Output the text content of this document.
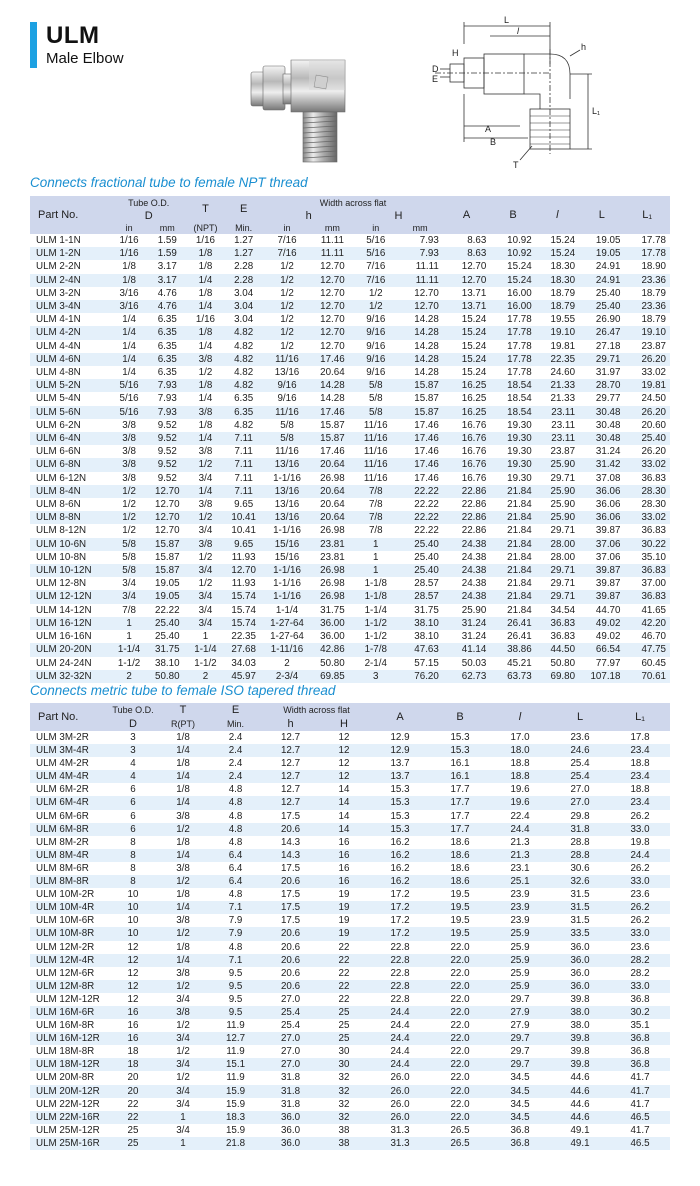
ULM
Male Elbow
L
l
H
h
D
E
A
B
T
L₁
Connects fractional tube to female NPT thread
Part No.	Tube O.D.		T	E	Width across flat				A	B	l	L	L₁
	D				h		H						
	in	mm	(NPT)	Min.	in	mm	in	mm					
ULM 1-1N	1/16	1.59	1/16	1.27	7/16	11.11	5/16	7.93	8.63	10.92	15.24	19.05	17.78
ULM 1-2N	1/16	1.59	1/8	1.27	7/16	11.11	5/16	7.93	8.63	10.92	15.24	19.05	17.78
ULM 2-2N	1/8	3.17	1/8	2.28	1/2	12.70	7/16	11.11	12.70	15.24	18.30	24.91	18.90
ULM 2-4N	1/8	3.17	1/4	2.28	1/2	12.70	7/16	11.11	12.70	15.24	18.30	24.91	23.36
ULM 3-2N	3/16	4.76	1/8	3.04	1/2	12.70	1/2	12.70	13.71	16.00	18.79	25.40	18.79
ULM 3-4N	3/16	4.76	1/4	3.04	1/2	12.70	1/2	12.70	13.71	16.00	18.79	25.40	23.36
ULM 4-1N	1/4	6.35	1/16	3.04	1/2	12.70	9/16	14.28	15.24	17.78	19.55	26.90	18.79
ULM 4-2N	1/4	6.35	1/8	4.82	1/2	12.70	9/16	14.28	15.24	17.78	19.10	26.47	19.10
ULM 4-4N	1/4	6.35	1/4	4.82	1/2	12.70	9/16	14.28	15.24	17.78	19.81	27.18	23.87
ULM 4-6N	1/4	6.35	3/8	4.82	11/16	17.46	9/16	14.28	15.24	17.78	22.35	29.71	26.20
ULM 4-8N	1/4	6.35	1/2	4.82	13/16	20.64	9/16	14.28	15.24	17.78	24.60	31.97	33.02
ULM 5-2N	5/16	7.93	1/8	4.82	9/16	14.28	5/8	15.87	16.25	18.54	21.33	28.70	19.81
ULM 5-4N	5/16	7.93	1/4	6.35	9/16	14.28	5/8	15.87	16.25	18.54	21.33	29.77	24.50
ULM 5-6N	5/16	7.93	3/8	6.35	11/16	17.46	5/8	15.87	16.25	18.54	23.11	30.48	26.20
ULM 6-2N	3/8	9.52	1/8	4.82	5/8	15.87	11/16	17.46	16.76	19.30	23.11	30.48	20.60
ULM 6-4N	3/8	9.52	1/4	7.11	5/8	15.87	11/16	17.46	16.76	19.30	23.11	30.48	25.40
ULM 6-6N	3/8	9.52	3/8	7.11	11/16	17.46	11/16	17.46	16.76	19.30	23.87	31.24	26.20
ULM 6-8N	3/8	9.52	1/2	7.11	13/16	20.64	11/16	17.46	16.76	19.30	25.90	31.42	33.02
ULM 6-12N	3/8	9.52	3/4	7.11	1-1/16	26.98	11/16	17.46	16.76	19.30	29.71	37.08	36.83
ULM 8-4N	1/2	12.70	1/4	7.11	13/16	20.64	7/8	22.22	22.86	21.84	25.90	36.06	28.30
ULM 8-6N	1/2	12.70	3/8	9.65	13/16	20.64	7/8	22.22	22.86	21.84	25.90	36.06	28.30
ULM 8-8N	1/2	12.70	1/2	10.41	13/16	20.64	7/8	22.22	22.86	21.84	25.90	36.06	33.02
ULM 8-12N	1/2	12.70	3/4	10.41	1-1/16	26.98	7/8	22.22	22.86	21.84	29.71	39.87	36.83
ULM 10-6N	5/8	15.87	3/8	9.65	15/16	23.81	1	25.40	24.38	21.84	28.00	37.06	30.22
ULM 10-8N	5/8	15.87	1/2	11.93	15/16	23.81	1	25.40	24.38	21.84	28.00	37.06	35.10
ULM 10-12N	5/8	15.87	3/4	12.70	1-1/16	26.98	1	25.40	24.38	21.84	29.71	39.87	36.83
ULM 12-8N	3/4	19.05	1/2	11.93	1-1/16	26.98	1-1/8	28.57	24.38	21.84	29.71	39.87	37.00
ULM 12-12N	3/4	19.05	3/4	15.74	1-1/16	26.98	1-1/8	28.57	24.38	21.84	29.71	39.87	36.83
ULM 14-12N	7/8	22.22	3/4	15.74	1-1/4	31.75	1-1/4	31.75	25.90	21.84	34.54	44.70	41.65
ULM 16-12N	1	25.40	3/4	15.74	1-27-64	36.00	1-1/2	38.10	31.24	26.41	36.83	49.02	42.20
ULM 16-16N	1	25.40	1	22.35	1-27-64	36.00	1-1/2	38.10	31.24	26.41	36.83	49.02	46.70
ULM 20-20N	1-1/4	31.75	1-1/4	27.68	1-11/16	42.86	1-7/8	47.63	41.14	38.86	44.50	66.54	47.75
ULM 24-24N	1-1/2	38.10	1-1/2	34.03	2	50.80	2-1/4	57.15	50.03	45.21	50.80	77.97	60.45
ULM 32-32N	2	50.80	2	45.97	2-3/4	69.85	3	76.20	62.73	63.73	69.80	107.18	70.61
Connects metric tube to female ISO tapered thread
Part No.	Tube O.D.	T	E	Width across flat		A	B	l	L	L₁
	D	R(PT)	Min.	h	H					
ULM 3M-2R	3	1/8	2.4	12.7	12	12.9	15.3	17.0	23.6	17.8
ULM 3M-4R	3	1/4	2.4	12.7	12	12.9	15.3	18.0	24.6	23.4
ULM 4M-2R	4	1/8	2.4	12.7	12	13.7	16.1	18.8	25.4	18.8
ULM 4M-4R	4	1/4	2.4	12.7	12	13.7	16.1	18.8	25.4	23.4
ULM 6M-2R	6	1/8	4.8	12.7	14	15.3	17.7	19.6	27.0	18.8
ULM 6M-4R	6	1/4	4.8	12.7	14	15.3	17.7	19.6	27.0	23.4
ULM 6M-6R	6	3/8	4.8	17.5	14	15.3	17.7	22.4	29.8	26.2
ULM 6M-8R	6	1/2	4.8	20.6	14	15.3	17.7	24.4	31.8	33.0
ULM 8M-2R	8	1/8	4.8	14.3	16	16.2	18.6	21.3	28.8	19.8
ULM 8M-4R	8	1/4	6.4	14.3	16	16.2	18.6	21.3	28.8	24.4
ULM 8M-6R	8	3/8	6.4	17.5	16	16.2	18.6	23.1	30.6	26.2
ULM 8M-8R	8	1/2	6.4	20.6	16	16.2	18.6	25.1	32.6	33.0
ULM 10M-2R	10	1/8	4.8	17.5	19	17.2	19.5	23.9	31.5	23.6
ULM 10M-4R	10	1/4	7.1	17.5	19	17.2	19.5	23.9	31.5	26.2
ULM 10M-6R	10	3/8	7.9	17.5	19	17.2	19.5	23.9	31.5	26.2
ULM 10M-8R	10	1/2	7.9	20.6	19	17.2	19.5	25.9	33.5	33.0
ULM 12M-2R	12	1/8	4.8	20.6	22	22.8	22.0	25.9	36.0	23.6
ULM 12M-4R	12	1/4	7.1	20.6	22	22.8	22.0	25.9	36.0	28.2
ULM 12M-6R	12	3/8	9.5	20.6	22	22.8	22.0	25.9	36.0	28.2
ULM 12M-8R	12	1/2	9.5	20.6	22	22.8	22.0	25.9	36.0	33.0
ULM 12M-12R	12	3/4	9.5	27.0	22	22.8	22.0	29.7	39.8	36.8
ULM 16M-6R	16	3/8	9.5	25.4	25	24.4	22.0	27.9	38.0	30.2
ULM 16M-8R	16	1/2	11.9	25.4	25	24.4	22.0	27.9	38.0	35.1
ULM 16M-12R	16	3/4	12.7	27.0	25	24.4	22.0	29.7	39.8	36.8
ULM 18M-8R	18	1/2	11.9	27.0	30	24.4	22.0	29.7	39.8	36.8
ULM 18M-12R	18	3/4	15.1	27.0	30	24.4	22.0	29.7	39.8	36.8
ULM 20M-8R	20	1/2	11.9	31.8	32	26.0	22.0	34.5	44.6	41.7
ULM 20M-12R	20	3/4	15.9	31.8	32	26.0	22.0	34.5	44.6	41.7
ULM 22M-12R	22	3/4	15.9	31.8	32	26.0	22.0	34.5	44.6	41.7
ULM 22M-16R	22	1	18.3	36.0	32	26.0	22.0	34.5	44.6	46.5
ULM 25M-12R	25	3/4	15.9	36.0	38	31.3	26.5	36.8	49.1	41.7
ULM 25M-16R	25	1	21.8	36.0	38	31.3	26.5	36.8	49.1	46.5
